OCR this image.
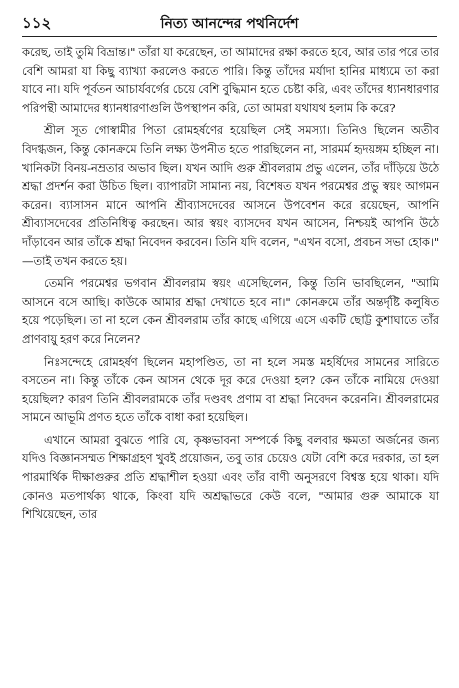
১১২	নিত্য আনন্দের পথনির্দেশ

করেছ, তাই তুমি বিভ্রান্ত।" তাঁরা যা করেছেন, তা আমাদের রক্ষা করতে হবে, আর তার পরে তার বেশি আমরা যা কিছু ব্যাখ্যা করলেও করতে পারি। কিন্তু তাঁদের মর্যাদা হানির মাধ্যমে তা করা যাবে না। যদি পূর্বতন আচার্যবর্গের চেয়ে বেশি বুদ্ধিমান হতে চেষ্টা করি, এবং তাঁদের ধ্যানধারণার পরিপন্থী আমাদের ধ্যানধারণাগুলি উপস্থাপন করি, তো আমরা যথাযথ হলাম কি করে?

শ্রীল সূত গোস্বামীর পিতা রোমহর্ষণের হয়েছিল সেই সমস্যা। তিনিও ছিলেন অতীব বিদগ্ধজন, কিন্তু কোনক্রমে তিনি লক্ষ্য উপনীত হতে পারছিলেন না, সারমর্ম হৃদয়ঙ্গম হচ্ছিল না। খানিকটা বিনয়-নম্রতার অভাব ছিল। যখন আদি গুরু শ্রীবলরাম প্রভু এলেন, তাঁর দাঁড়িয়ে উঠে শ্রদ্ধা প্রদর্শন করা উচিত ছিল। ব্যাপারটা সামান্য নয়, বিশেষত যখন পরমেশ্বর প্রভু স্বয়ং আগমন করেন। ব্যাসাসন মানে আপনি শ্রীব্যাসদেবের আসনে উপবেশন করে রয়েছেন, আপনি শ্রীব্যাসদেবের প্রতিনিধিত্ব করছেন। আর স্বয়ং ব্যাসদেব যখন আসেন, নিশ্চয়ই আপনি উঠে দাঁড়াবেন আর তাঁকে শ্রদ্ধা নিবেদন করবেন। তিনি যদি বলেন, "এখন বসো, প্রবচন সভা হোক।" —তাই তখন করতে হয়।

তেমনি পরমেশ্বর ভগবান শ্রীবলরাম স্বয়ং এসেছিলেন, কিন্তু তিনি ভাবছিলেন, "আমি আসনে বসে আছি। কাউকে আমার শ্রদ্ধা দেখাতে হবে না।" কোনক্রমে তাঁর অন্তর্দৃষ্টি কলুষিত হয়ে পড়েছিল। তা না হলে কেন শ্রীবলরাম তাঁর কাছে এগিয়ে এসে একটি ছোট্ট কুশাঘাতে তাঁর প্রাণবায়ু হরণ করে নিলেন?

নিঃসন্দেহে রোমহর্ষণ ছিলেন মহাপণ্ডিত, তা না হলে সমস্ত মহর্ষিদের সামনের সারিতে বসতেন না। কিন্তু তাঁকে কেন আসন থেকে দূর করে দেওয়া হল? কেন তাঁকে নামিয়ে দেওয়া হয়েছিল? কারণ তিনি শ্রীবলরামকে তাঁর দণ্ডবৎ প্রণাম বা শ্রদ্ধা নিবেদন করেননি। শ্রীবলরামের সামনে আভূমি প্রণত হতে তাঁকে বাধা করা হয়েছিল।

এখানে আমরা বুঝতে পারি যে, কৃষ্ণভাবনা সম্পর্কে কিছু বলবার ক্ষমতা অর্জনের জন্য যদিও বিজ্ঞানসম্মত শিক্ষাগ্রহণ খুবই প্রয়োজন, তবু তার চেয়েও যেটা বেশি করে দরকার, তা হল পারমার্থিক দীক্ষাগুরুর প্রতি শ্রদ্ধাশীল হওয়া এবং তাঁর বাণী অনুসরণে বিশ্বস্ত হয়ে থাকা। যদি কোনও মতপার্থক্য থাকে, কিংবা যদি অশ্রদ্ধাভরে কেউ বলে, "আমার গুরু আমাকে যা শিখিয়েছেন, তার
